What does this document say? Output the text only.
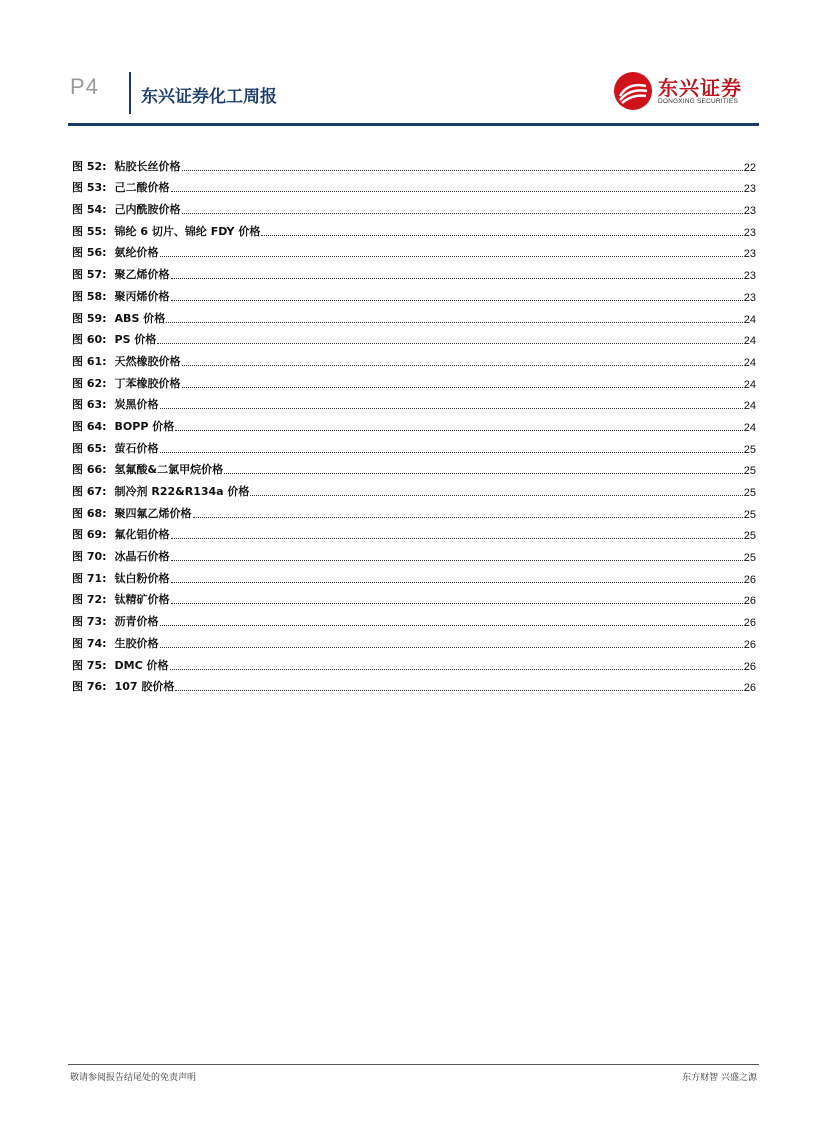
P4 东兴证券化工周报	东兴证券
DONGXING SECURITIES
图 52: 粘胶长丝价格	22
图 53: 己二酸价格	23
图 54: 己内酰胺价格	23
图 55: 锦纶 6 切片、锦纶 FDY 价格	23
图 56: 氨纶价格	23
图 57: 聚乙烯价格	23
图 58: 聚丙烯价格	23
图 59: ABS 价格	24
图 60: PS 价格	24
图 61: 天然橡胶价格	24
图 62: 丁苯橡胶价格	24
图 63: 炭黑价格	24
图 64: BOPP 价格	24
图 65: 萤石价格	25
图 66: 氢氟酸&二氯甲烷价格	25
图 67: 制冷剂 R22&R134a 价格	25
图 68: 聚四氟乙烯价格	25
图 69: 氟化铝价格	25
图 70: 冰晶石价格	25
图 71: 钛白粉价格	26
图 72: 钛精矿价格	26
图 73: 沥青价格	26
图 74: 生胶价格	26
图 75: DMC 价格	26
图 76: 107 胶价格	26
敬请参阅报告结尾处的免责声明	东方财智 兴盛之源
